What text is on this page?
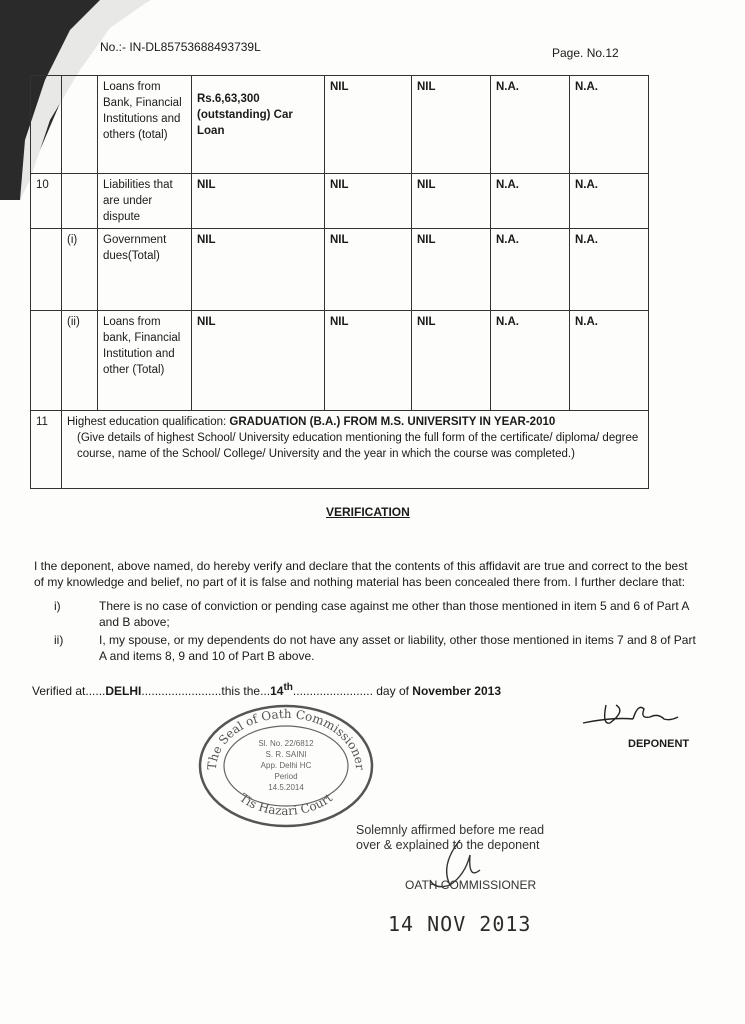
No.:- IN-DL85753688493739L	Page. No.12
		Loans from Bank, Financial Institutions and others (total)	Rs.6,63,300 (outstanding) Car Loan	NIL	NIL	N.A.	N.A.
10		Liabilities that are under dispute	NIL	NIL	NIL	N.A.	N.A.
	(i)	Government dues(Total)	NIL	NIL	NIL	N.A.	N.A.
	(ii)	Loans from bank, Financial Institution and other (Total)	NIL	NIL	NIL	N.A.	N.A.
11	Highest education qualification: GRADUATION (B.A.) FROM M.S. UNIVERSITY IN YEAR-2010
(Give details of highest School/ University education mentioning the full form of the certificate/ diploma/ degree course, name of the School/ College/ University and the year in which the course was completed.)						
VERIFICATION
I the deponent, above named, do hereby verify and declare that the contents of this affidavit are true and correct to the best of my knowledge and belief, no part of it is false and nothing material has been concealed there from. I further declare that:
i)	There is no case of conviction or pending case against me other than those mentioned in item 5 and 6 of Part A and B above;
ii)	I, my spouse, or my dependents do not have any asset or liability, other those mentioned in items 7 and 8 of Part A and items 8, 9 and 10 of Part B above.
Verified at......DELHI........................this the...14th........................ day of November 2013
DEPONENT
The Seal of Oath Commissioner
Tis Hazari Court
Sl. No. 22/6812
S. R. SAINI
App. Delhi HC
Period
14.5.2014
Solemnly affirmed before me read
over & explained to the deponent
OATH COMMISSIONER
14 NOV 2013
